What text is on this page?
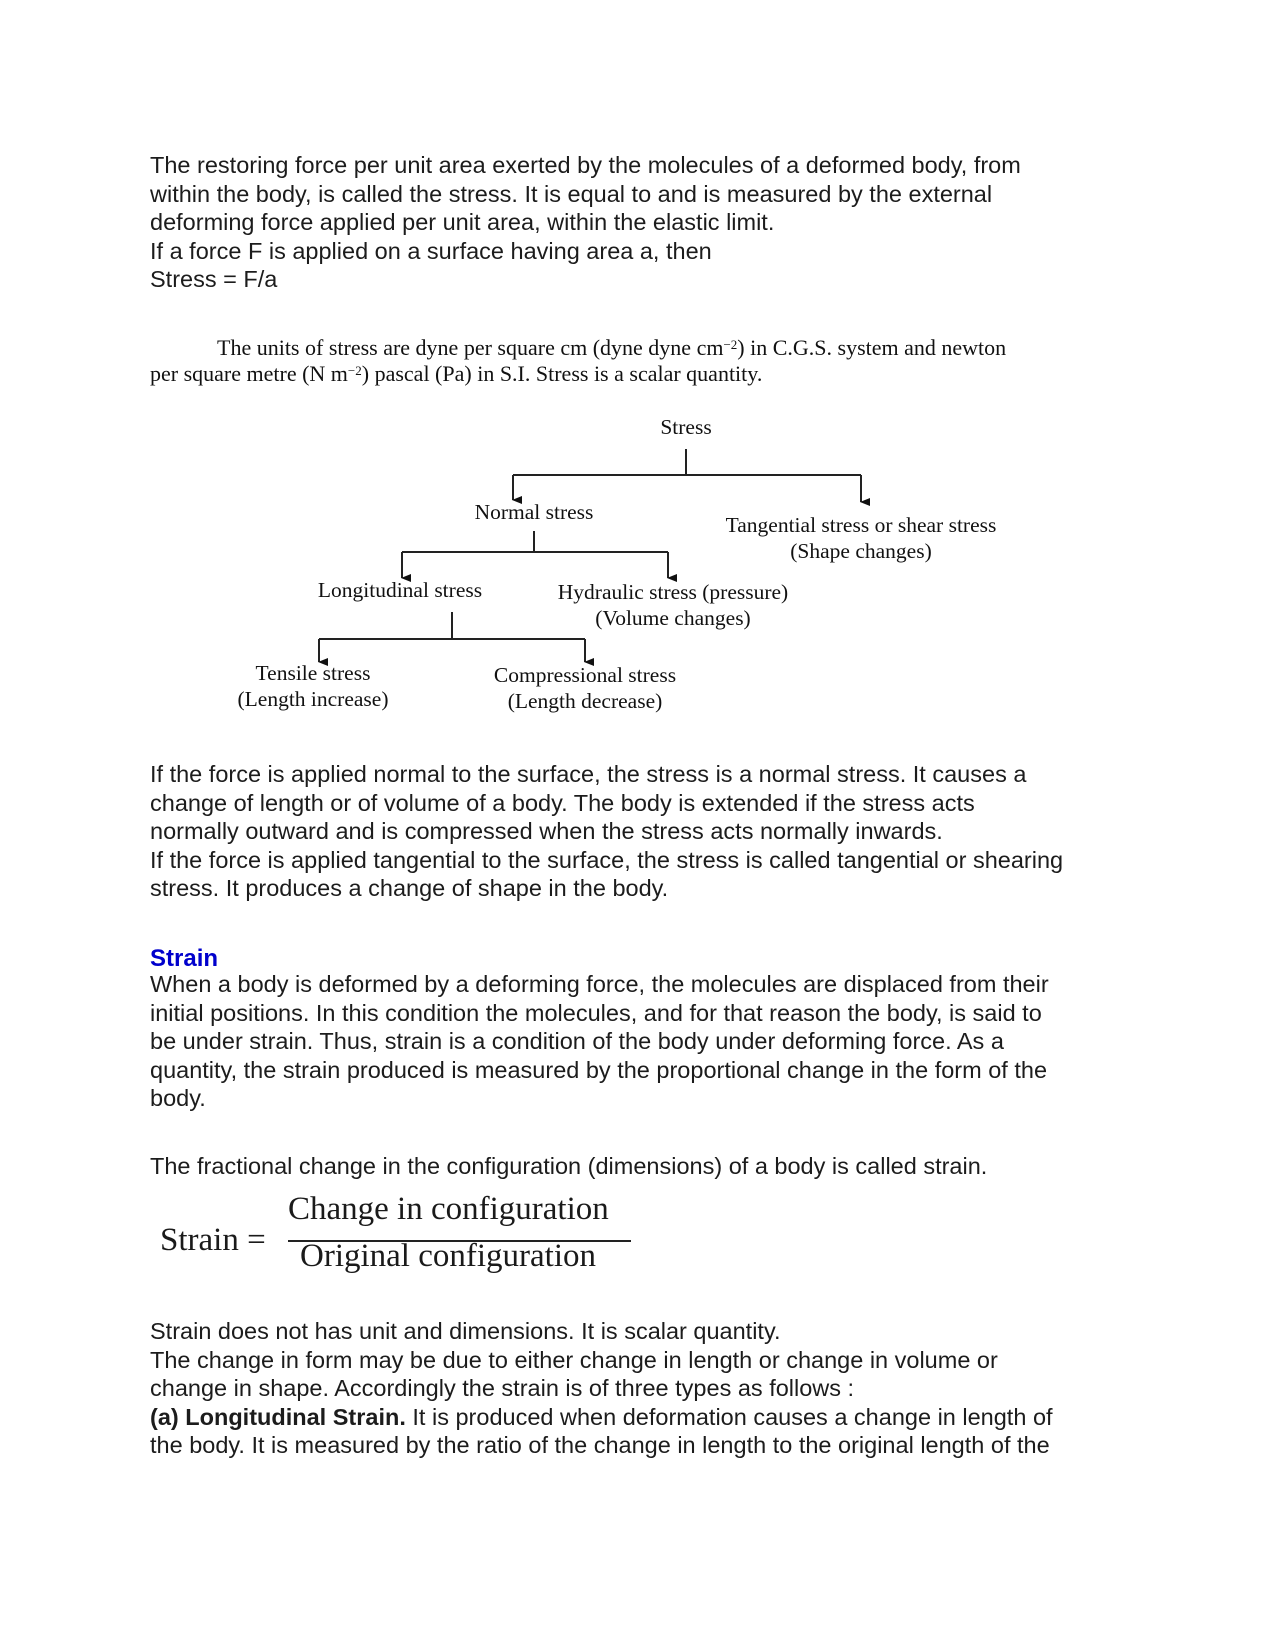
The restoring force per unit area exerted by the molecules of a deformed body, from

within the body, is called the stress. It is equal to and is measured by the external

deforming force applied per unit area, within the elastic limit.

If a force F is applied on a surface having area a, then

Stress = F/a

The units of stress are dyne per square cm (dyne dyne $cm^{-2}$) in C.G.S. system and newton

per square metre (N $m^{-2}$) pascal (Pa) in S.I. Stress is a scalar quantity.

Stress
Normal stress
Tangential stress or shear stress
(Shape changes)
Longitudinal stress	Hydraulic stress (pressure)
(Volume changes)
Tensile stress
(Length increase)
Compressional stress
(Length decrease)

If the force is applied normal to the surface, the stress is a normal stress. It causes a

change of length or of volume of a body. The body is extended if the stress acts

normally outward and is compressed when the stress acts normally inwards.

If the force is applied tangential to the surface, the stress is called tangential or shearing

stress. It produces a change of shape in the body.

Strain

When a body is deformed by a deforming force, the molecules are displaced from their

initial positions. In this condition the molecules, and for that reason the body, is said to

be under strain. Thus, strain is a condition of the body under deforming force. As a

quantity, the strain produced is measured by the proportional change in the form of the

body.

The fractional change in the configuration (dimensions) of a body is called strain.

Strain =
Change in configuration
Original configuration

Strain does not has unit and dimensions. It is scalar quantity.

The change in form may be due to either change in length or change in volume or

change in shape. Accordingly the strain is of three types as follows :

(a) Longitudinal Strain. It is produced when deformation causes a change in length of

the body. It is measured by the ratio of the change in length to the original length of the
